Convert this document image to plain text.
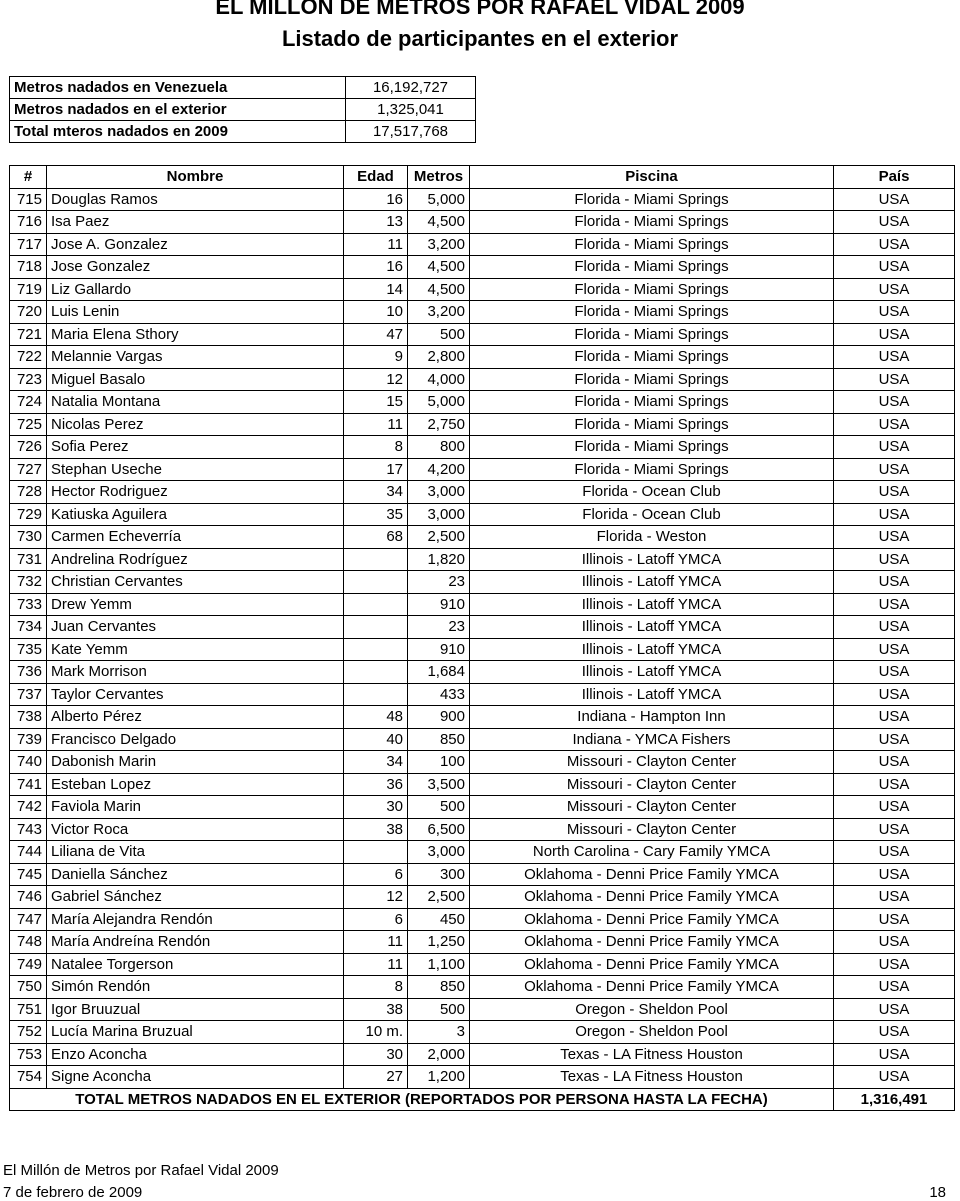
EL MILLON DE METROS POR RAFAEL VIDAL 2009
Listado de participantes en el exterior
Metros nadados en Venezuela	16,192,727
Metros nadados en el exterior	1,325,041
Total mteros nadados en 2009	17,517,768
#	Nombre	Edad	Metros	Piscina	País
715	Douglas Ramos	16	5,000	Florida - Miami Springs	USA
716	Isa Paez	13	4,500	Florida - Miami Springs	USA
717	Jose A. Gonzalez	11	3,200	Florida - Miami Springs	USA
718	Jose Gonzalez	16	4,500	Florida - Miami Springs	USA
719	Liz Gallardo	14	4,500	Florida - Miami Springs	USA
720	Luis Lenin	10	3,200	Florida - Miami Springs	USA
721	Maria Elena Sthory	47	500	Florida - Miami Springs	USA
722	Melannie Vargas	9	2,800	Florida - Miami Springs	USA
723	Miguel Basalo	12	4,000	Florida - Miami Springs	USA
724	Natalia Montana	15	5,000	Florida - Miami Springs	USA
725	Nicolas Perez	11	2,750	Florida - Miami Springs	USA
726	Sofia Perez	8	800	Florida - Miami Springs	USA
727	Stephan Useche	17	4,200	Florida - Miami Springs	USA
728	Hector Rodriguez	34	3,000	Florida - Ocean Club	USA
729	Katiuska Aguilera	35	3,000	Florida - Ocean Club	USA
730	Carmen Echeverría	68	2,500	Florida - Weston	USA
731	Andrelina Rodríguez		1,820	Illinois - Latoff YMCA	USA
732	Christian Cervantes		23	Illinois - Latoff YMCA	USA
733	Drew Yemm		910	Illinois - Latoff YMCA	USA
734	Juan Cervantes		23	Illinois - Latoff YMCA	USA
735	Kate Yemm		910	Illinois - Latoff YMCA	USA
736	Mark Morrison		1,684	Illinois - Latoff YMCA	USA
737	Taylor Cervantes		433	Illinois - Latoff YMCA	USA
738	Alberto Pérez	48	900	Indiana - Hampton Inn	USA
739	Francisco Delgado	40	850	Indiana - YMCA Fishers	USA
740	Dabonish Marin	34	100	Missouri - Clayton Center	USA
741	Esteban Lopez	36	3,500	Missouri - Clayton Center	USA
742	Faviola Marin	30	500	Missouri - Clayton Center	USA
743	Victor Roca	38	6,500	Missouri - Clayton Center	USA
744	Liliana de Vita		3,000	North Carolina - Cary Family YMCA	USA
745	Daniella Sánchez	6	300	Oklahoma - Denni Price Family YMCA	USA
746	Gabriel Sánchez	12	2,500	Oklahoma - Denni Price Family YMCA	USA
747	María Alejandra Rendón	6	450	Oklahoma - Denni Price Family YMCA	USA
748	María Andreína Rendón	11	1,250	Oklahoma - Denni Price Family YMCA	USA
749	Natalee Torgerson	11	1,100	Oklahoma - Denni Price Family YMCA	USA
750	Simón Rendón	8	850	Oklahoma - Denni Price Family YMCA	USA
751	Igor Bruuzual	38	500	Oregon - Sheldon Pool	USA
752	Lucía Marina Bruzual	10 m.	3	Oregon - Sheldon Pool	USA
753	Enzo Aconcha	30	2,000	Texas - LA Fitness Houston	USA
754	Signe Aconcha	27	1,200	Texas - LA Fitness Houston	USA
TOTAL METROS NADADOS EN EL EXTERIOR (REPORTADOS POR PERSONA HASTA LA FECHA)					1,316,491
El Millón de Metros por Rafael Vidal 2009
7 de febrero de 2009	18
